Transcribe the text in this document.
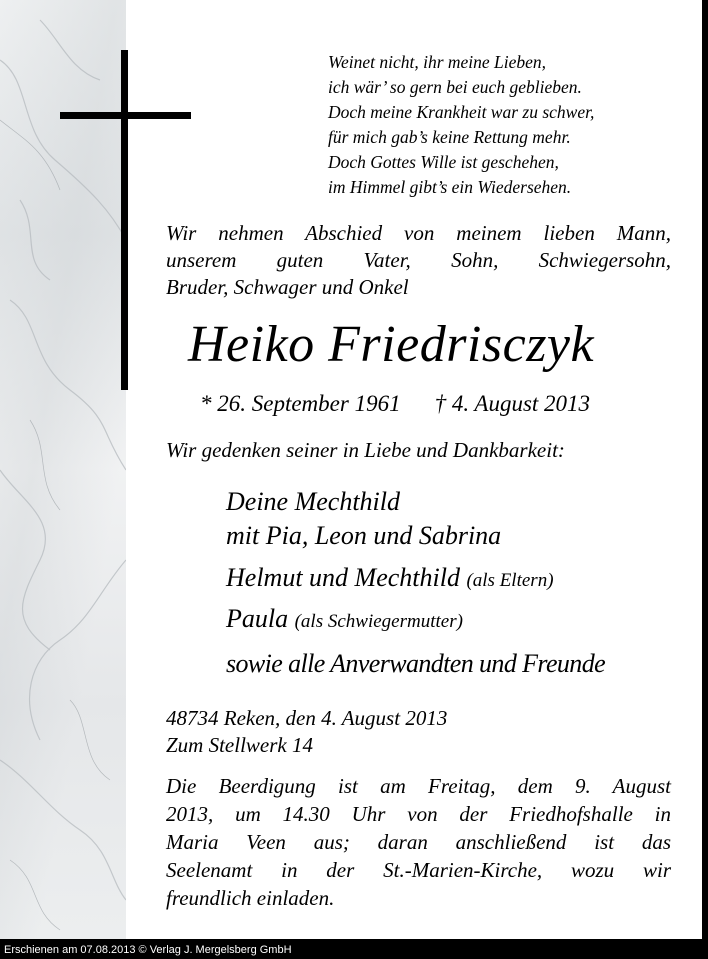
Weinet nicht, ihr meine Lieben,
ich wär’ so gern bei euch geblieben.
Doch meine Krankheit war zu schwer,
für mich gab’s keine Rettung mehr.
Doch Gottes Wille ist geschehen,
im Himmel gibt’s ein Wiedersehen.
Wir nehmen Abschied von meinem lieben Mann,
unserem guten Vater, Sohn, Schwiegersohn,
Bruder, Schwager und Onkel
Heiko Friedrisczyk
* 26. September 1961 † 4. August 2013
Wir gedenken seiner in Liebe und Dankbarkeit:
Deine Mechthild
mit Pia, Leon und Sabrina
Helmut und Mechthild (als Eltern)
Paula (als Schwiegermutter)
sowie alle Anverwandten und Freunde
48734 Reken, den 4. August 2013
Zum Stellwerk 14
Die Beerdigung ist am Freitag, dem 9. August
2013, um 14.30 Uhr von der Friedhofshalle in
Maria Veen aus; daran anschließend ist das
Seelenamt in der St.-Marien-Kirche, wozu wir
freundlich einladen.
Erschienen am 07.08.2013 © Verlag J. Mergelsberg GmbH
